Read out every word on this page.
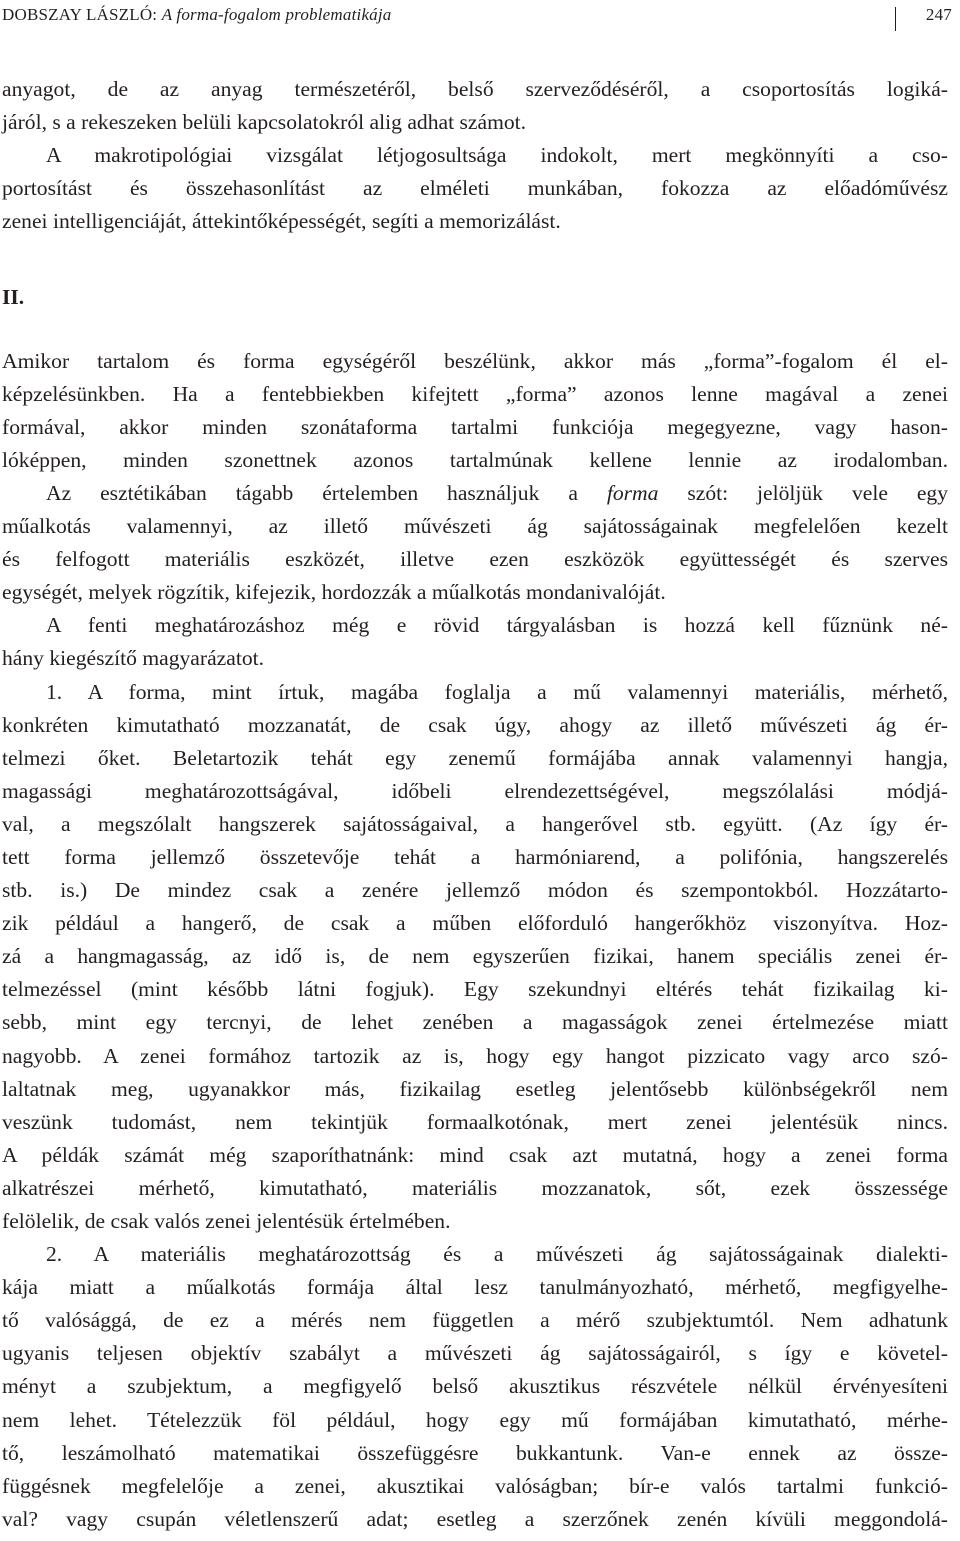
DOBSZAY LÁSZLÓ: A forma-fogalom problematikája	247
anyagot, de az anyag természetéről, belső szerveződéséről, a csoportosítás logiká-
járól, s a rekeszeken belüli kapcsolatokról alig adhat számot.
A makrotipológiai vizsgálat létjogosultsága indokolt, mert megkönnyíti a cso-
portosítást és összehasonlítást az elméleti munkában, fokozza az előadóművész
zenei intelligenciáját, áttekintőképességét, segíti a memorizálást.
II.
Amikor tartalom és forma egységéről beszélünk, akkor más „forma”-fogalom él el-
képzelésünkben. Ha a fentebbiekben kifejtett „forma” azonos lenne magával a zenei
formával, akkor minden szonátaforma tartalmi funkciója megegyezne, vagy hason-
lóképpen, minden szonettnek azonos tartalmúnak kellene lennie az irodalomban.
Az esztétikában tágabb értelemben használjuk a forma szót: jelöljük vele egy
műalkotás valamennyi, az illető művészeti ág sajátosságainak megfelelően kezelt
és felfogott materiális eszközét, illetve ezen eszközök együttességét és szerves
egységét, melyek rögzítik, kifejezik, hordozzák a műalkotás mondanivalóját.
A fenti meghatározáshoz még e rövid tárgyalásban is hozzá kell fűznünk né-
hány kiegészítő magyarázatot.
1. A forma, mint írtuk, magába foglalja a mű valamennyi materiális, mérhető,
konkréten kimutatható mozzanatát, de csak úgy, ahogy az illető művészeti ág ér-
telmezi őket. Beletartozik tehát egy zenemű formájába annak valamennyi hangja,
magassági meghatározottságával, időbeli elrendezettségével, megszólalási módjá-
val, a megszólalt hangszerek sajátosságaival, a hangerővel stb. együtt. (Az így ér-
tett forma jellemző összetevője tehát a harmóniarend, a polifónia, hangszerelés
stb. is.) De mindez csak a zenére jellemző módon és szempontokból. Hozzátarto-
zik például a hangerő, de csak a műben előforduló hangerőkhöz viszonyítva. Hoz-
zá a hangmagasság, az idő is, de nem egyszerűen fizikai, hanem speciális zenei ér-
telmezéssel (mint később látni fogjuk). Egy szekundnyi eltérés tehát fizikailag ki-
sebb, mint egy tercnyi, de lehet zenében a magasságok zenei értelmezése miatt
nagyobb. A zenei formához tartozik az is, hogy egy hangot pizzicato vagy arco szó-
laltatnak meg, ugyanakkor más, fizikailag esetleg jelentősebb különbségekről nem
veszünk tudomást, nem tekintjük formaalkotónak, mert zenei jelentésük nincs.
A példák számát még szaporíthatnánk: mind csak azt mutatná, hogy a zenei forma
alkatrészei mérhető, kimutatható, materiális mozzanatok, sőt, ezek összessége
felölelik, de csak valós zenei jelentésük értelmében.
2. A materiális meghatározottság és a művészeti ág sajátosságainak dialekti-
kája miatt a műalkotás formája által lesz tanulmányozható, mérhető, megfigyelhe-
tő valósággá, de ez a mérés nem független a mérő szubjektumtól. Nem adhatunk
ugyanis teljesen objektív szabályt a művészeti ág sajátosságairól, s így e követel-
ményt a szubjektum, a megfigyelő belső akusztikus részvétele nélkül érvényesíteni
nem lehet. Tételezzük föl például, hogy egy mű formájában kimutatható, mérhe-
tő, leszámolható matematikai összefüggésre bukkantunk. Van-e ennek az össze-
függésnek megfelelője a zenei, akusztikai valóságban; bír-e valós tartalmi funkció-
val? vagy csupán véletlenszerű adat; esetleg a szerzőnek zenén kívüli meggondolá-
